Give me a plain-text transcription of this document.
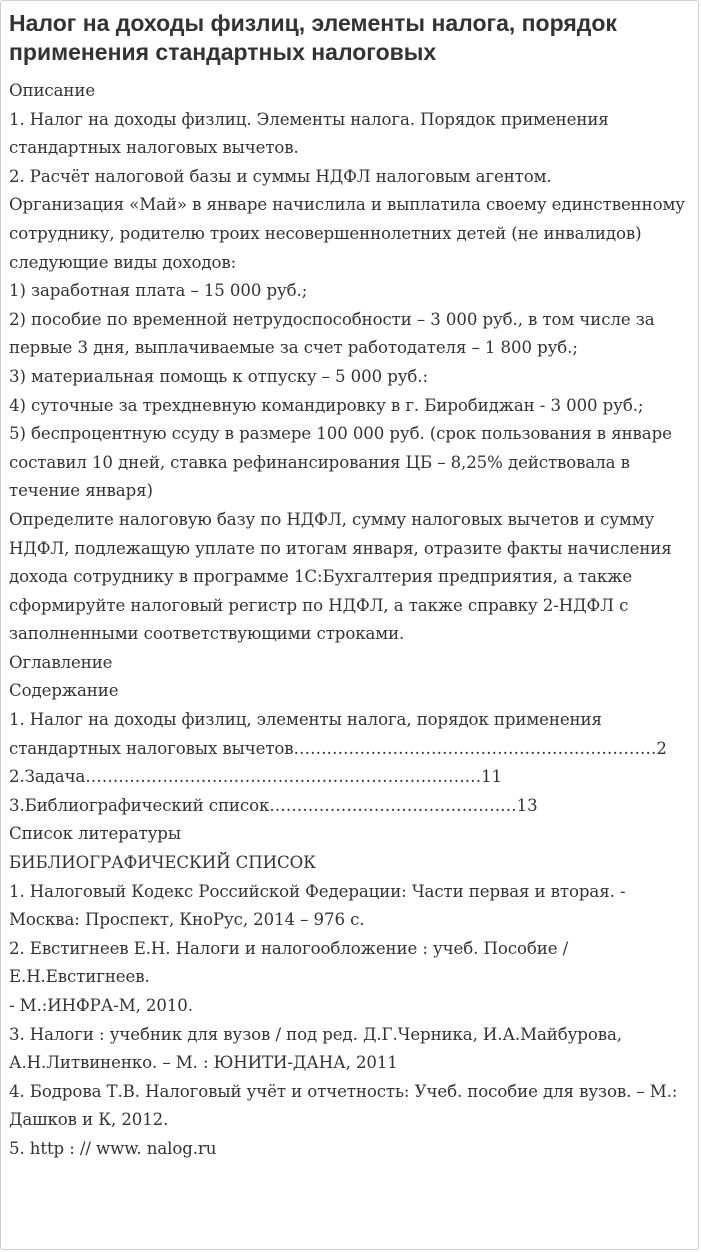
Налог на доходы физлиц, элементы налога, порядок применения стандартных налоговых
Описание
1. Налог на доходы физлиц. Элементы налога. Порядок применения стандартных налоговых вычетов.
2. Расчёт налоговой базы и суммы НДФЛ налоговым агентом.
Организация «Май» в январе начислила и выплатила своему единственному сотруднику, родителю троих несовершеннолетних детей (не инвалидов) следующие виды доходов:
1) заработная плата – 15 000 руб.;
2) пособие по временной нетрудоспособности – 3 000 руб., в том числе за первые 3 дня, выплачиваемые за счет работодателя – 1 800 руб.;
3) материальная помощь к отпуску – 5 000 руб.:
4) суточные за трехдневную командировку в г. Биробиджан - 3 000 руб.;
5) беспроцентную ссуду в размере 100 000 руб. (срок пользования в январе составил 10 дней, ставка рефинансирования ЦБ – 8,25% действовала в течение января)
Определите налоговую базу по НДФЛ, сумму налоговых вычетов и сумму НДФЛ, подлежащую уплате по итогам января, отразите факты начисления дохода сотруднику в программе 1С:Бухгалтерия предприятия, а также сформируйте налоговый регистр по НДФЛ, а также справку 2-НДФЛ с заполненными соответствующими строками.
Оглавление
Содержание
1. Налог на доходы физлиц, элементы налога, порядок применения стандартных налоговых вычетов…………………………………………………………2
2.Задача………………………………………………………………11
3.Библиографический список………………………………………13
Список литературы
БИБЛИОГРАФИЧЕСКИЙ СПИСОК
1. Налоговый Кодекс Российской Федерации: Части первая и вторая. - Москва: Проспект, КноРус, 2014 – 976 с.
2. Евстигнеев Е.Н. Налоги и налогообложение : учеб. Пособие / Е.Н.Евстигнеев.
- М.:ИНФРА-М, 2010.
3. Налоги : учебник для вузов / под ред. Д.Г.Черника, И.А.Майбурова, А.Н.Литвиненко. – М. : ЮНИТИ-ДАНА, 2011
4. Бодрова Т.В. Налоговый учёт и отчетность: Учеб. пособие для вузов. – М.: Дашков и К, 2012.
5. http : // www. nalog.ru
